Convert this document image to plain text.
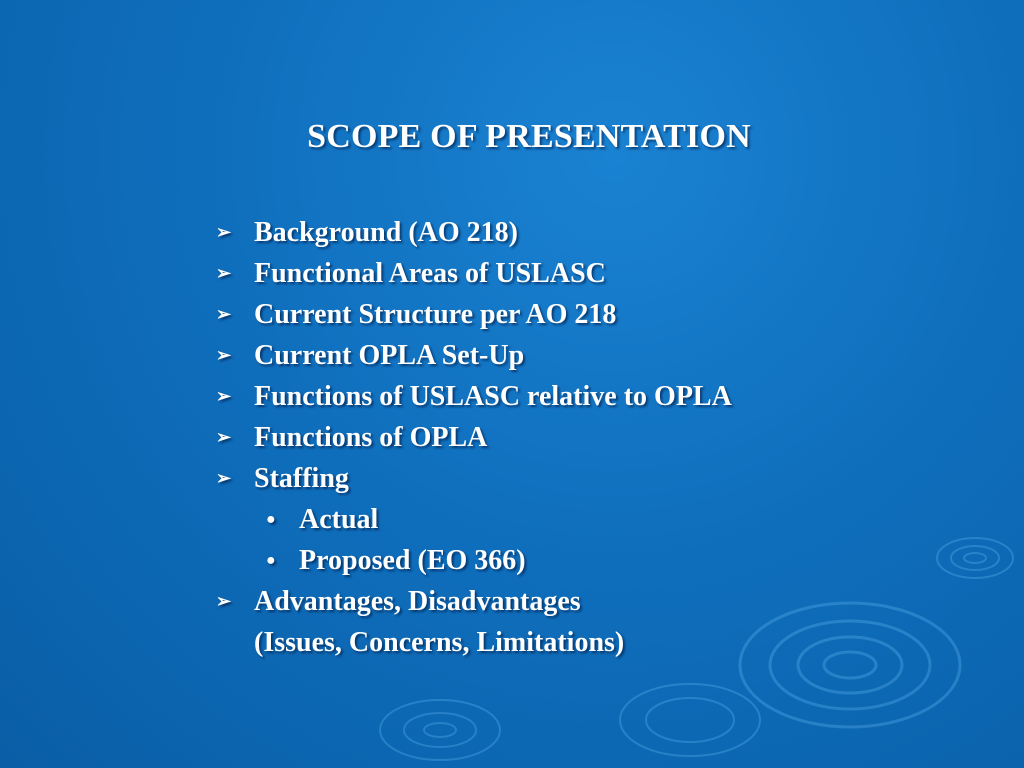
SCOPE OF PRESENTATION
➢ Background (AO 218)
➢ Functional Areas of USLASC
➢ Current Structure per AO 218
➢ Current OPLA Set-Up
➢ Functions of USLASC relative to OPLA
➢ Functions of OPLA
➢ Staffing
● Actual
● Proposed (EO 366)
➢ Advantages, Disadvantages
(Issues, Concerns, Limitations)
